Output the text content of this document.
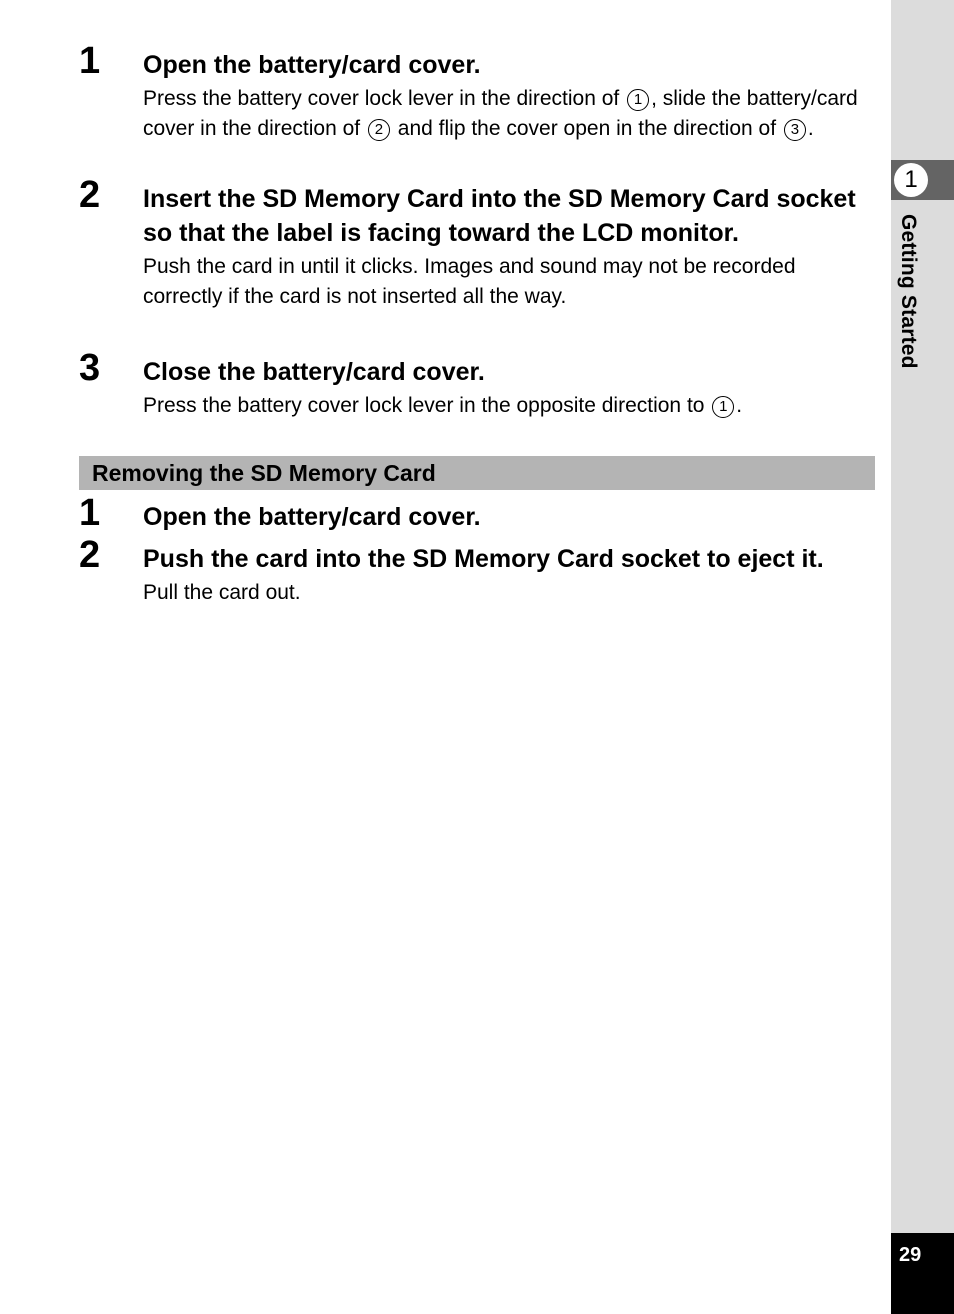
1
Getting Started
29
1 Open the battery/card cover.
Press the battery cover lock lever in the direction of 1 , slide the battery/card cover in the direction of 2 and flip the cover open in the direction of 3 .
2 Insert the SD Memory Card into the SD Memory Card socket so that the label is facing toward the LCD monitor.
Push the card in until it clicks. Images and sound may not be recorded correctly if the card is not inserted all the way.
3 Close the battery/card cover.
Press the battery cover lock lever in the opposite direction to 1 .
Removing the SD Memory Card
1 Open the battery/card cover.
2 Push the card into the SD Memory Card socket to eject it.
Pull the card out.
